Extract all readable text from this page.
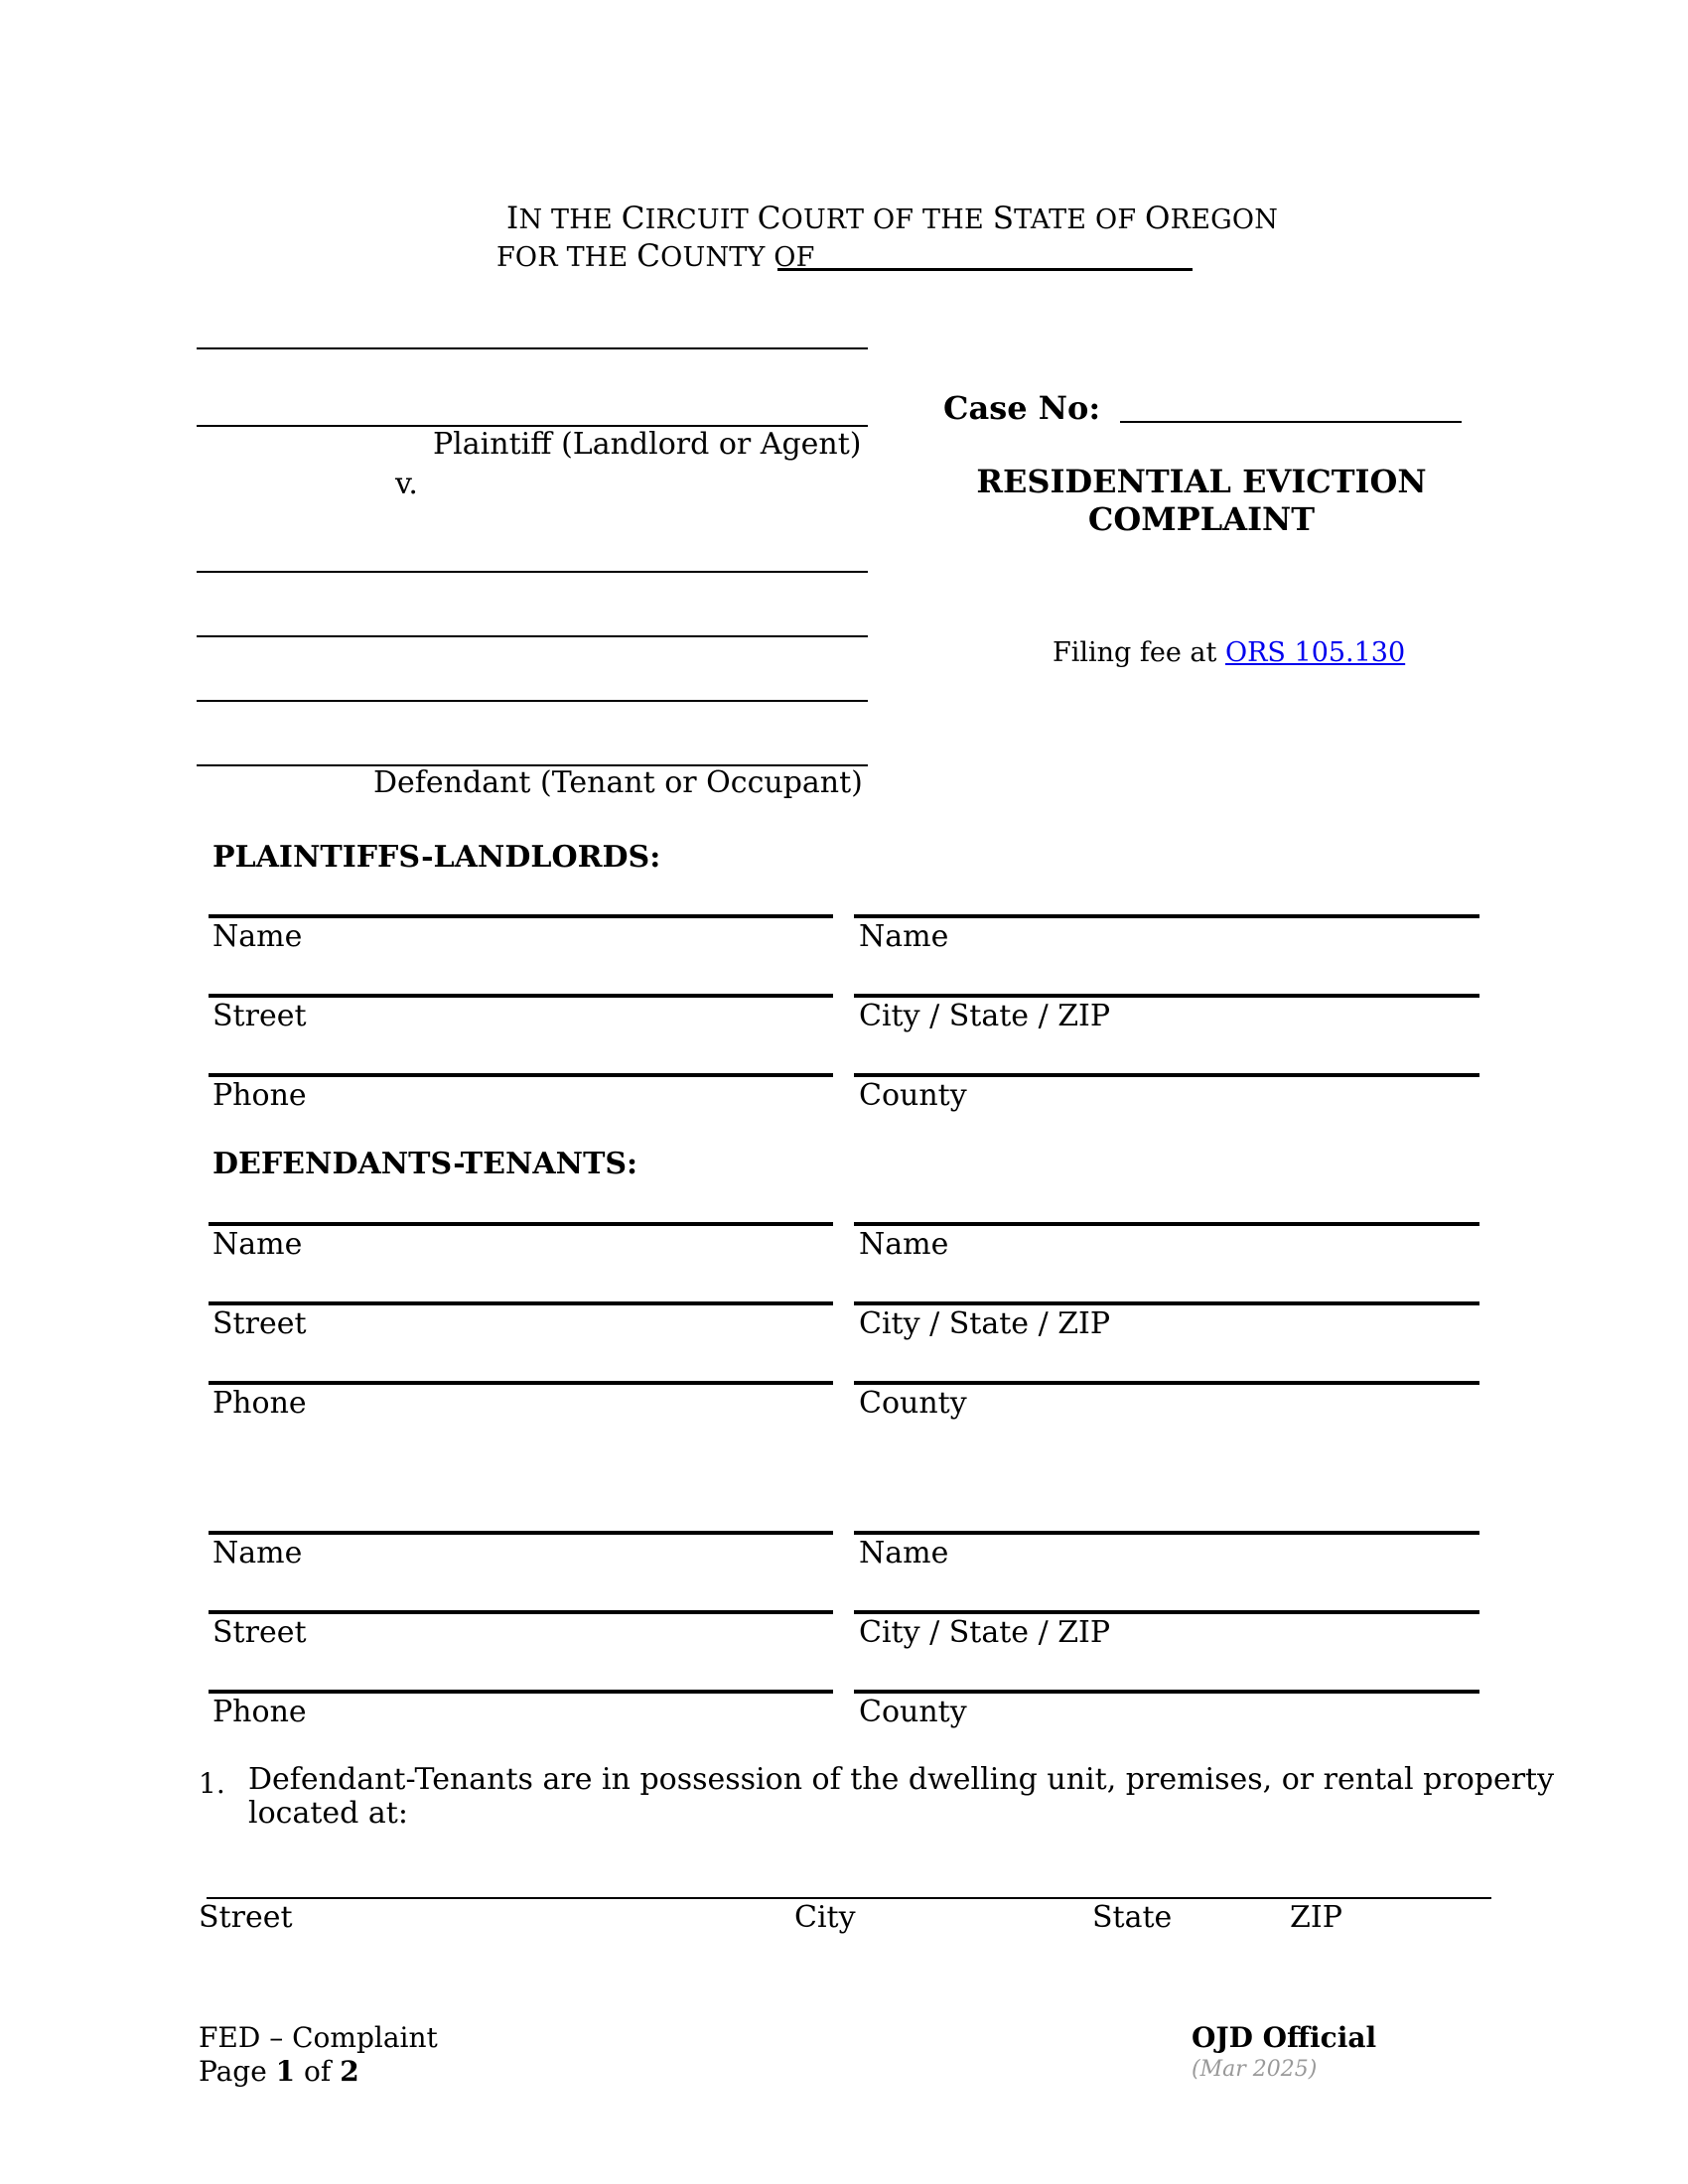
IN THE CIRCUIT COURT OF THE STATE OF OREGON
FOR THE COUNTY OF
Plaintiff (Landlord or Agent)
v.
Defendant (Tenant or Occupant)
Case No:
RESIDENTIAL EVICTION
COMPLAINT
Filing fee at ORS 105.130
PLAINTIFFS-LANDLORDS:
Name	Name
Street	City / State / ZIP
Phone	County
DEFENDANTS-TENANTS:
Name	Name
Street	City / State / ZIP
Phone	County
Name	Name
Street	City / State / ZIP
Phone	County
1. Defendant-Tenants are in possession of the dwelling unit, premises, or rental property
located at:
Street	City	State	ZIP
FED – Complaint
Page 1 of 2
OJD Official
(Mar 2025)
